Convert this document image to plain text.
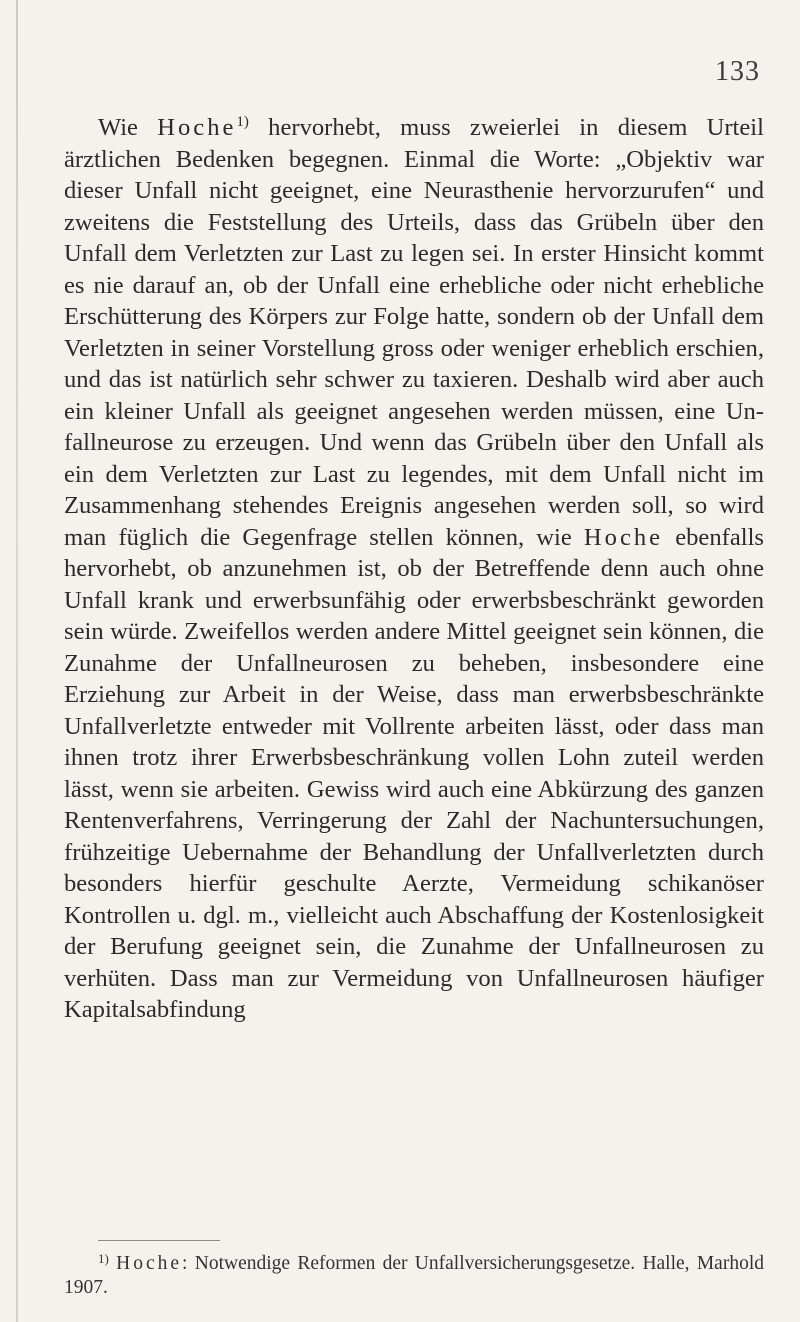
133

Wie Hoche$^{1)}$ hervorhebt, muss zweierlei in diesem Urteil ärztlichen Bedenken begegnen. Einmal die Worte: „Objektiv war dieser Unfall nicht geeignet, eine Neurasthenie hervorzurufen“ und zweitens die Feststellung des Urteils, dass das Grübeln über den Unfall dem Verletzten zur Last zu legen sei. In erster Hinsicht kommt es nie darauf an, ob der Unfall eine erhebliche oder nicht erhebliche Erschütterung des Körpers zur Folge hatte, sondern ob der Unfall dem Verletzten in seiner Vorstellung gross oder weniger erheblich erschien, und das ist natürlich sehr schwer zu taxieren. Deshalb wird aber auch ein kleiner Unfall als geeignet angesehen werden müssen, eine Unfallneurose zu erzeugen. Und wenn das Grübeln über den Unfall als ein dem Verletzten zur Last zu legendes, mit dem Unfall nicht im Zusammenhang stehendes Ereignis angesehen werden soll, so wird man füglich die Gegenfrage stellen können, wie Hoche ebenfalls hervorhebt, ob anzunehmen ist, ob der Betreffende denn auch ohne Unfall krank und erwerbsunfähig oder erwerbsbeschränkt geworden sein würde. Zweifellos werden andere Mittel geeignet sein können, die Zunahme der Unfallneurosen zu beheben, insbesondere eine Erziehung zur Arbeit in der Weise, dass man erwerbsbeschränkte Unfallverletzte entweder mit Vollrente arbeiten lässt, oder dass man ihnen trotz ihrer Erwerbsbeschränkung vollen Lohn zuteil werden lässt, wenn sie arbeiten. Gewiss wird auch eine Abkürzung des ganzen Rentenverfahrens, Verringerung der Zahl der Nachuntersuchungen, frühzeitige Uebernahme der Behandlung der Unfallverletzten durch besonders hierfür geschulte Aerzte, Vermeidung schikanöser Kontrollen u. dgl. m., vielleicht auch Abschaffung der Kostenlosigkeit der Berufung geeignet sein, die Zunahme der Unfallneurosen zu verhüten. Dass man zur Vermeidung von Unfallneurosen häufiger Kapitalsabfindung

$^{1)}$ Hoche: Notwendige Reformen der Unfallversicherungsgesetze. Halle, Marhold 1907.
